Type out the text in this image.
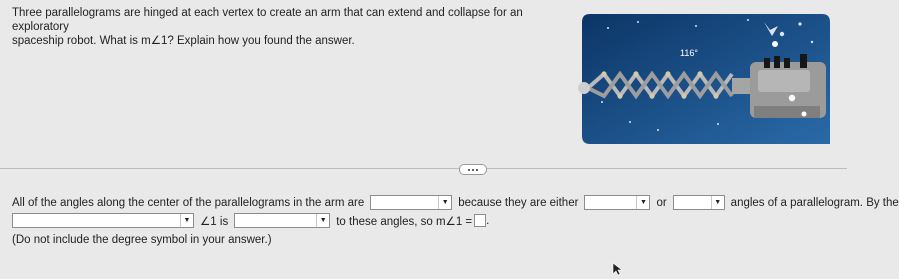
Three parallelograms are hinged at each vertex to create an arm that can extend and collapse for an exploratory
spaceship robot. What is m∠1? Explain how you found the answer.
116°
All of the angles along the center of the parallelograms in the arm are	▼ because they are either	▼ or	▼ angles of a parallelogram. By the
▼ ∠1 is	▼ to these angles, so m∠1 = .
(Do not include the degree symbol in your answer.)
